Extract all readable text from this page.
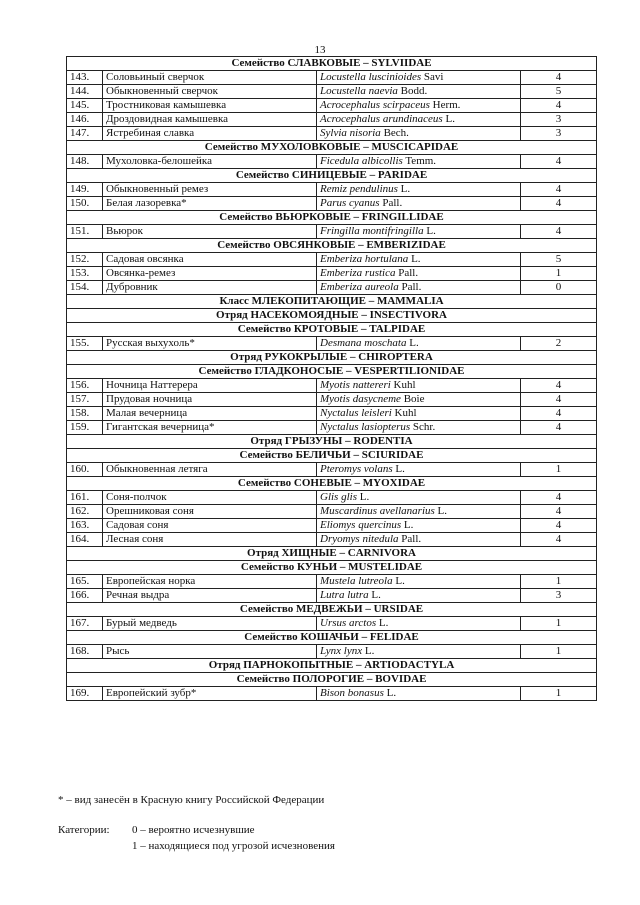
13
Семейство СЛАВКОВЫЕ – SYLVIIDAE			
143.	Соловьиный сверчок	Locustella luscinioides Savi	4
144.	Обыкновенный сверчок	Locustella naevia Bodd.	5
145.	Тростниковая камышевка	Acrocephalus scirpaceus Herm.	4
146.	Дроздовидная камышевка	Acrocephalus arundinaceus L.	3
147.	Ястребиная славка	Sylvia nisoria Bech.	3
Семейство МУХОЛОВКОВЫЕ – MUSCICAPIDAE			
148.	Мухоловка-белошейка	Ficedula albicollis Temm.	4
Семейство СИНИЦЕВЫЕ – PARIDAE			
149.	Обыкновенный ремез	Remiz pendulinus L.	4
150.	Белая лазоревка*	Parus cyanus Pall.	4
Семейство ВЬЮРКОВЫЕ – FRINGILLIDAE			
151.	Вьюрок	Fringilla montifringilla L.	4
Семейство ОВСЯНКОВЫЕ – EMBERIZIDAE			
152.	Садовая овсянка	Emberiza hortulana L.	5
153.	Овсянка-ремез	Emberiza rustica Pall.	1
154.	Дубровник	Emberiza aureola Pall.	0
Класс МЛЕКОПИТАЮЩИЕ – MAMMALIA			
Отряд НАСЕКОМОЯДНЫЕ – INSECTIVORA			
Семейство КРОТОВЫЕ – TALPIDAE			
155.	Русская выхухоль*	Desmana moschata L.	2
Отряд РУКОКРЫЛЫЕ – CHIROPTERA			
Семейство ГЛАДКОНОСЫЕ – VESPERTILIONIDAE			
156.	Ночница Наттерера	Myotis nattereri Kuhl	4
157.	Прудовая ночница	Myotis dasycneme Boie	4
158.	Малая вечерница	Nyctalus leisleri Kuhl	4
159.	Гигантская вечерница*	Nyctalus lasiopterus Schr.	4
Отряд ГРЫЗУНЫ – RODENTIA			
Семейство БЕЛИЧЬИ – SCIURIDAE			
160.	Обыкновенная летяга	Pteromys volans L.	1
Семейство СОНЕВЫЕ – MYOXIDAE			
161.	Соня-полчок	Glis glis L.	4
162.	Орешниковая соня	Muscardinus avellanarius L.	4
163.	Садовая соня	Eliomys quercinus L.	4
164.	Лесная соня	Dryomys nitedula Pall.	4
Отряд ХИЩНЫЕ – CARNIVORA			
Семейство КУНЬИ – MUSTELIDAE			
165.	Европейская норка	Mustela lutreola L.	1
166.	Речная выдра	Lutra lutra L.	3
Семейство МЕДВЕЖЬИ – URSIDAE			
167.	Бурый медведь	Ursus arctos L.	1
Семейство КОШАЧЬИ – FELIDAE			
168.	Рысь	Lynx lynx L.	1
Отряд ПАРНОКОПЫТНЫЕ – ARTIODACTYLA			
Семейство ПОЛОРОГИЕ – BOVIDAE			
169.	Европейский зубр*	Bison bonasus L.	1
* – вид занесён в Красную книгу Российской Федерации
Категории: 0 – вероятно исчезнувшие
1 – находящиеся под угрозой исчезновения
